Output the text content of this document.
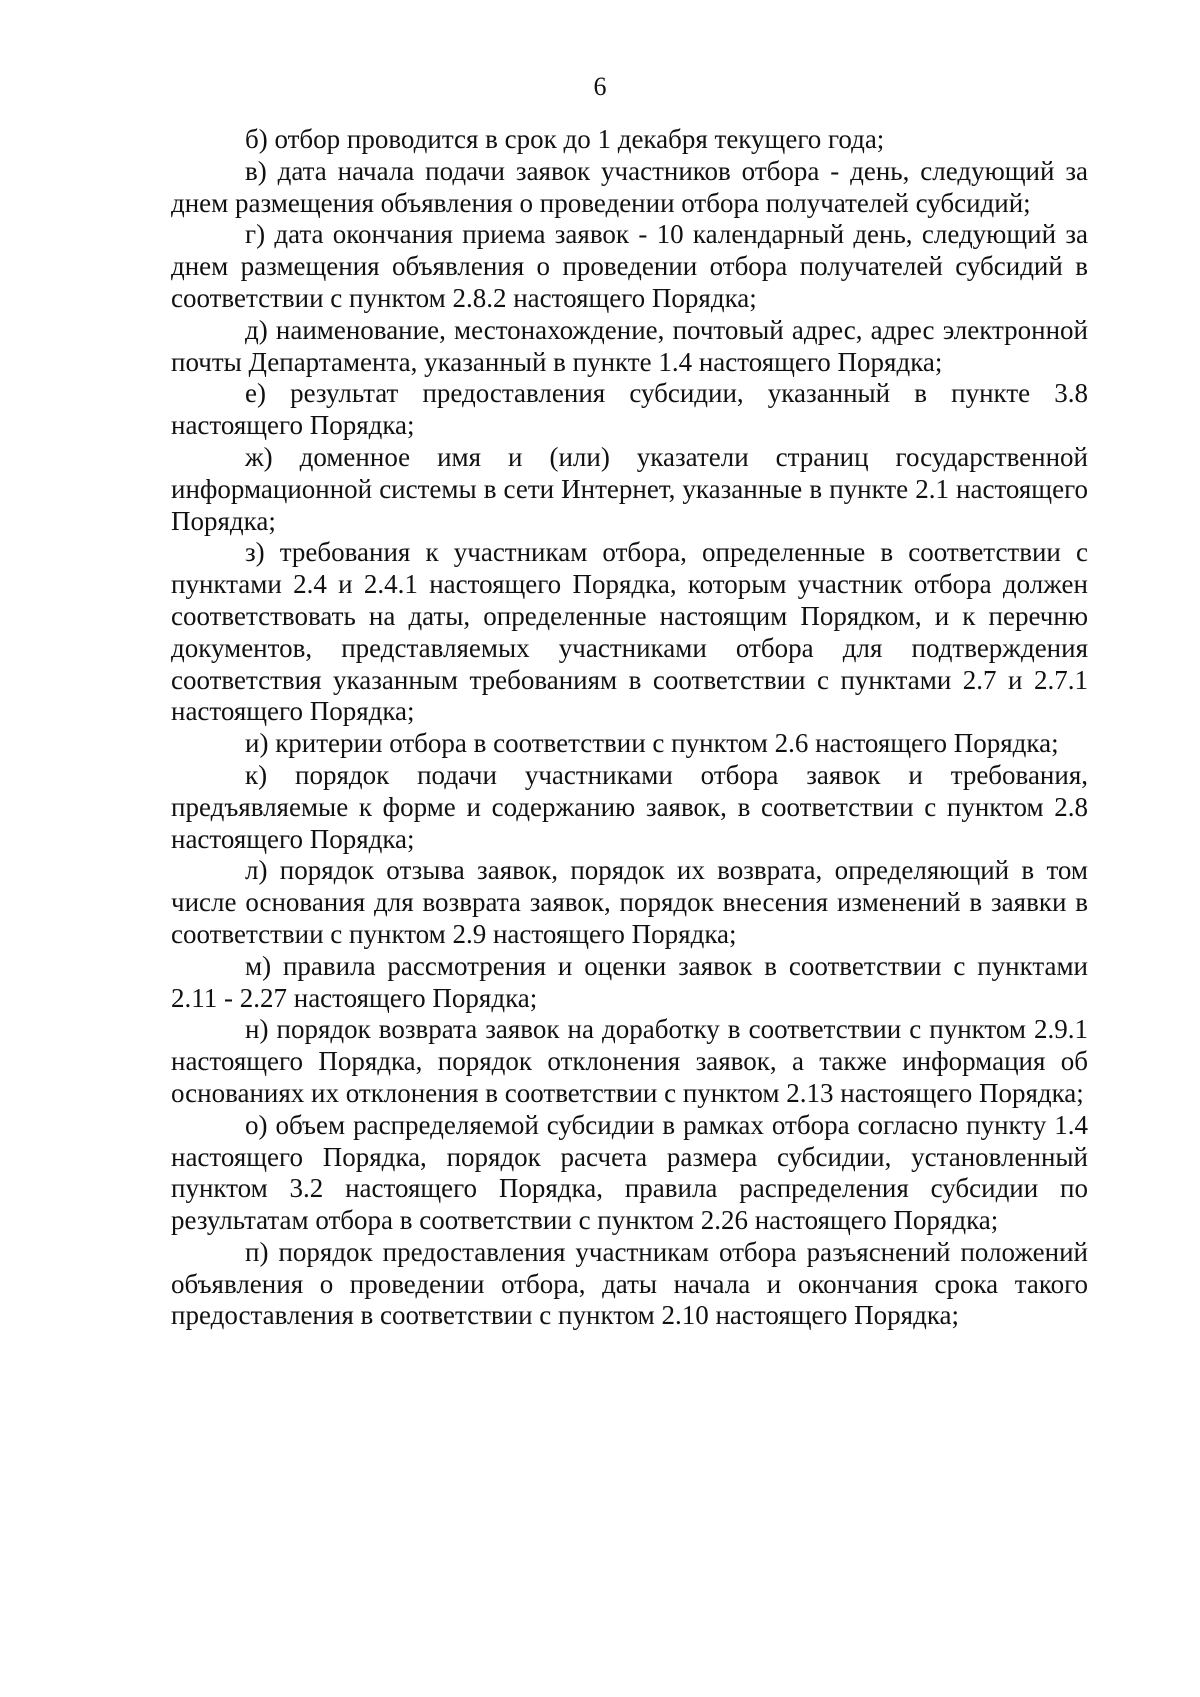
6

б) отбор проводится в срок до 1 декабря текущего года;

в) дата начала подачи заявок участников отбора - день, следующий за днем размещения объявления о проведении отбора получателей субсидий;

г) дата окончания приема заявок - 10 календарный день, следующий за днем размещения объявления о проведении отбора получателей субсидий в соответствии с пунктом 2.8.2 настоящего Порядка;

д) наименование, местонахождение, почтовый адрес, адрес электронной почты Департамента, указанный в пункте 1.4 настоящего Порядка;

е) результат предоставления субсидии, указанный в пункте 3.8 настоящего Порядка;

ж) доменное имя и (или) указатели страниц государственной информационной системы в сети Интернет, указанные в пункте 2.1 настоящего Порядка;

з) требования к участникам отбора, определенные в соответствии с пунктами 2.4 и 2.4.1 настоящего Порядка, которым участник отбора должен соответствовать на даты, определенные настоящим Порядком, и к перечню документов, представляемых участниками отбора для подтверждения соответствия указанным требованиям в соответствии с пунктами 2.7 и 2.7.1 настоящего Порядка;

и) критерии отбора в соответствии с пунктом 2.6 настоящего Порядка;

к) порядок подачи участниками отбора заявок и требования, предъявляемые к форме и содержанию заявок, в соответствии с пунктом 2.8 настоящего Порядка;

л) порядок отзыва заявок, порядок их возврата, определяющий в том числе основания для возврата заявок, порядок внесения изменений в заявки в соответствии с пунктом 2.9 настоящего Порядка;

м) правила рассмотрения и оценки заявок в соответствии с пунктами 2.11 - 2.27 настоящего Порядка;

н) порядок возврата заявок на доработку в соответствии с пунктом 2.9.1 настоящего Порядка, порядок отклонения заявок, а также информация об основаниях их отклонения в соответствии с пунктом 2.13 настоящего Порядка;

о) объем распределяемой субсидии в рамках отбора согласно пункту 1.4 настоящего Порядка, порядок расчета размера субсидии, установленный пунктом 3.2 настоящего Порядка, правила распределения субсидии по результатам отбора в соответствии с пунктом 2.26 настоящего Порядка;

п) порядок предоставления участникам отбора разъяснений положений объявления о проведении отбора, даты начала и окончания срока такого предоставления в соответствии с пунктом 2.10 настоящего Порядка;
